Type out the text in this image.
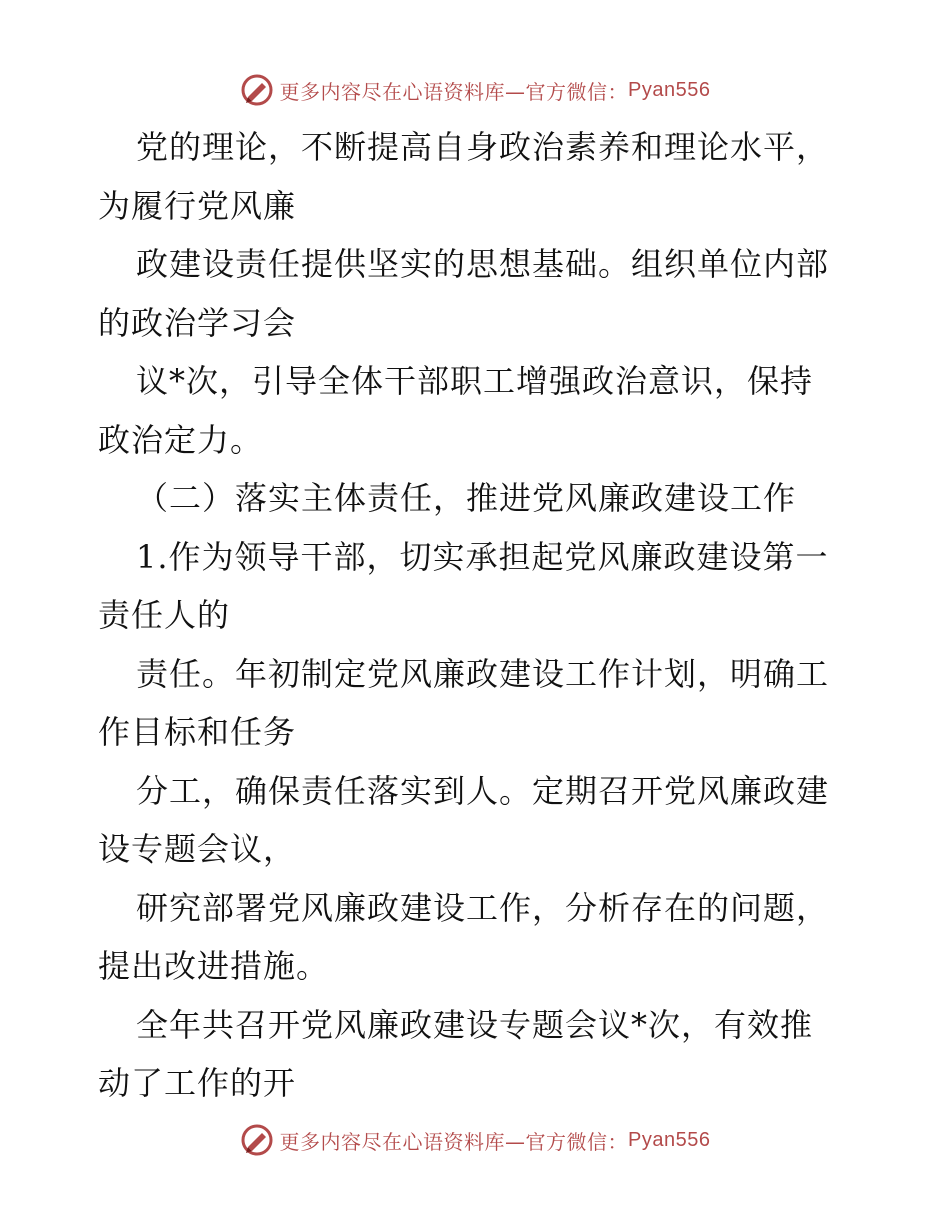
更多内容尽在心语资料库—官方微信： Pyan556
党的理论，不断提高自身政治素养和理论水平，
为履行党风廉
政建设责任提供坚实的思想基础。组织单位内部
的政治学习会
议*次，引导全体干部职工增强政治意识，保持
政治定力。
（二）落实主体责任，推进党风廉政建设工作
1.作为领导干部，切实承担起党风廉政建设第一
责任人的
责任。年初制定党风廉政建设工作计划，明确工
作目标和任务
分工，确保责任落实到人。定期召开党风廉政建
设专题会议，
研究部署党风廉政建设工作，分析存在的问题，
提出改进措施。
全年共召开党风廉政建设专题会议*次，有效推
动了工作的开
更多内容尽在心语资料库—官方微信： Pyan556
